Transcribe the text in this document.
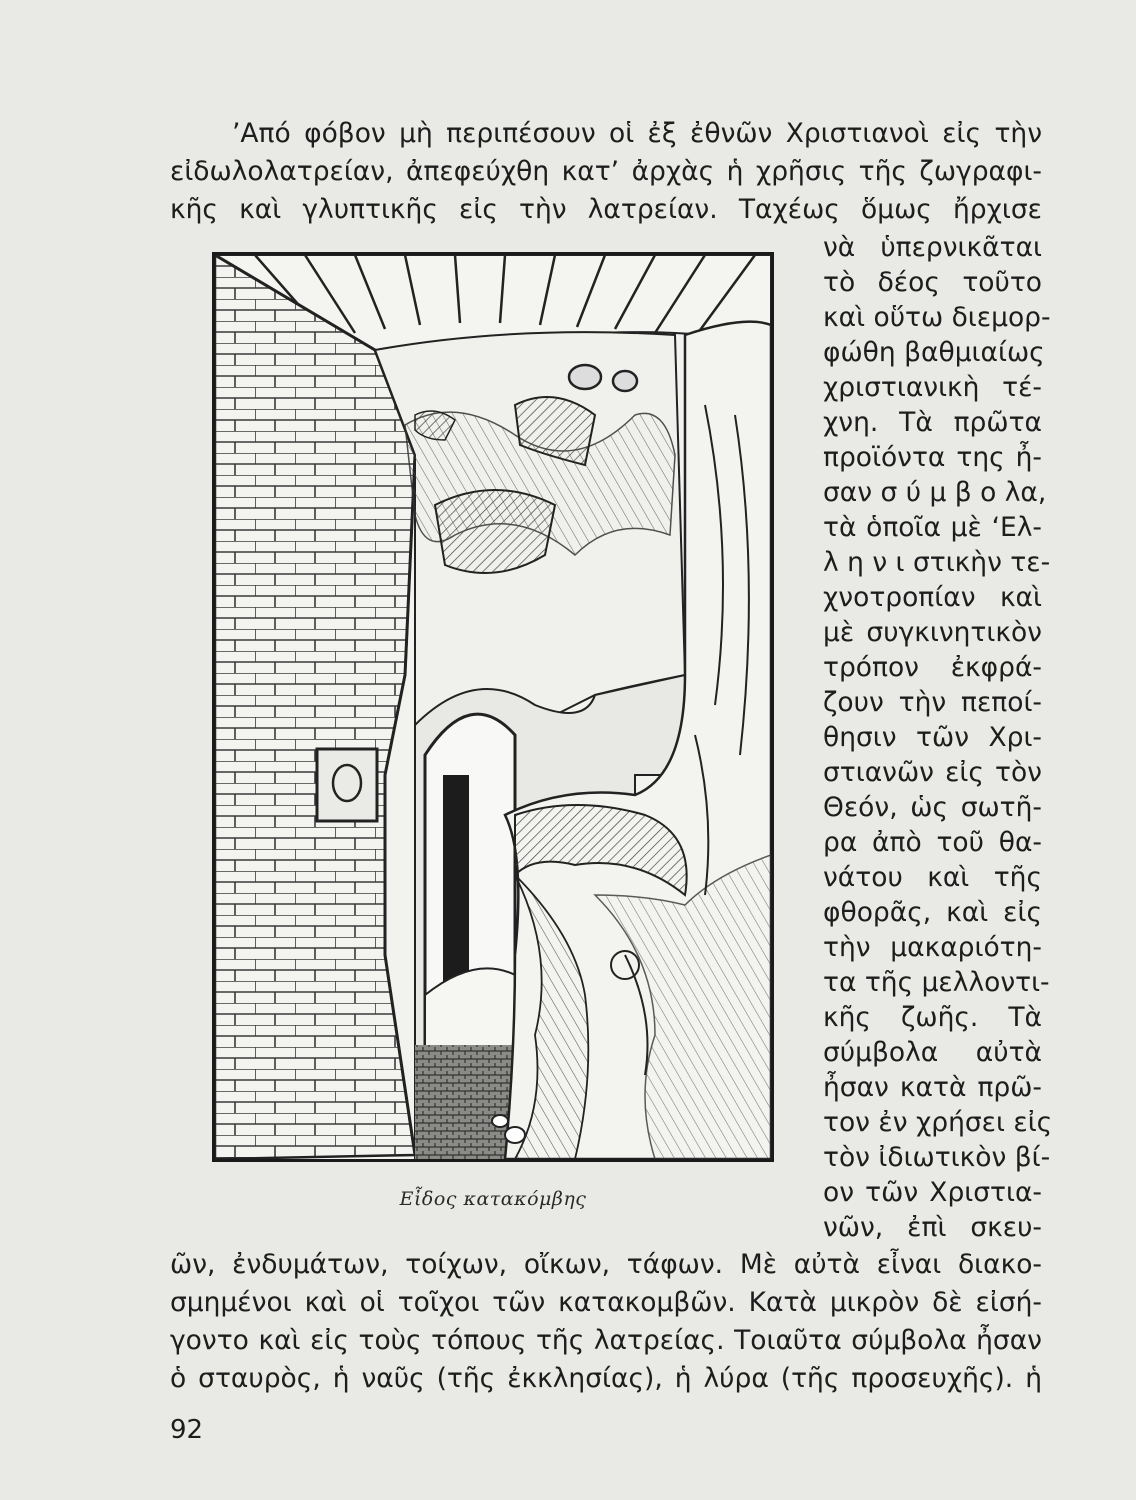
’Από φόβον μὴ περιπέσουν οἱ ἐξ ἐθνῶν Χριστιανοὶ εἰς τὴν
εἰδωλολατρείαν, ἀπεφεύχθη κατ’ ἀρχὰς ἡ χρῆσις τῆς ζωγραφι-
κῆς καὶ γλυπτικῆς εἰς τὴν λατρείαν. Ταχέως ὅμως ἤρχισε
νὰ ὑπερνικᾶται
τὸ δέος τοῦτο
καὶ οὕτω διεμορ-
φώθη βαθμιαίως
χριστιανικὴ τέ-
χνη. Τὰ πρῶτα
προϊόντα της ἦ-
σαν σ ύ μ β ο λα,
τὰ ὁποῖα μὲ ‘Ελ-
λ η ν ι στικὴν τε-
χνοτροπίαν καὶ
μὲ συγκινητικὸν
τρόπον ἐκφρά-
ζουν τὴν πεποί-
θησιν τῶν Χρι-
στιανῶν εἰς τὸν
Θεόν, ὡς σωτῆ-
ρα ἀπὸ τοῦ θα-
νάτου καὶ τῆς
φθορᾶς, καὶ εἰς
τὴν μακαριότη-
τα τῆς μελλοντι-
κῆς ζωῆς. Τὰ
σύμβολα αὐτὰ
ἦσαν κατὰ πρῶ-
τον ἐν χρήσει εἰς
τὸν ἰδιωτικὸν βί-
ον τῶν Χριστια-
νῶν, ἐπὶ σκευ-
Εἶδος κατακόμβης
ῶν, ἐνδυμάτων, τοίχων, οἴκων, τάφων. Μὲ αὐτὰ εἶναι διακο-
σμημένοι καὶ οἱ τοῖχοι τῶν κατακομβῶν. Κατὰ μικρὸν δὲ εἰσή-
γοντο καὶ εἰς τοὺς τόπους τῆς λατρείας. Τοιαῦτα σύμβολα ἦσαν
ὁ σταυρὸς, ἡ ναῦς (τῆς ἐκκλησίας), ἡ λύρα (τῆς προσευχῆς). ἡ
92
